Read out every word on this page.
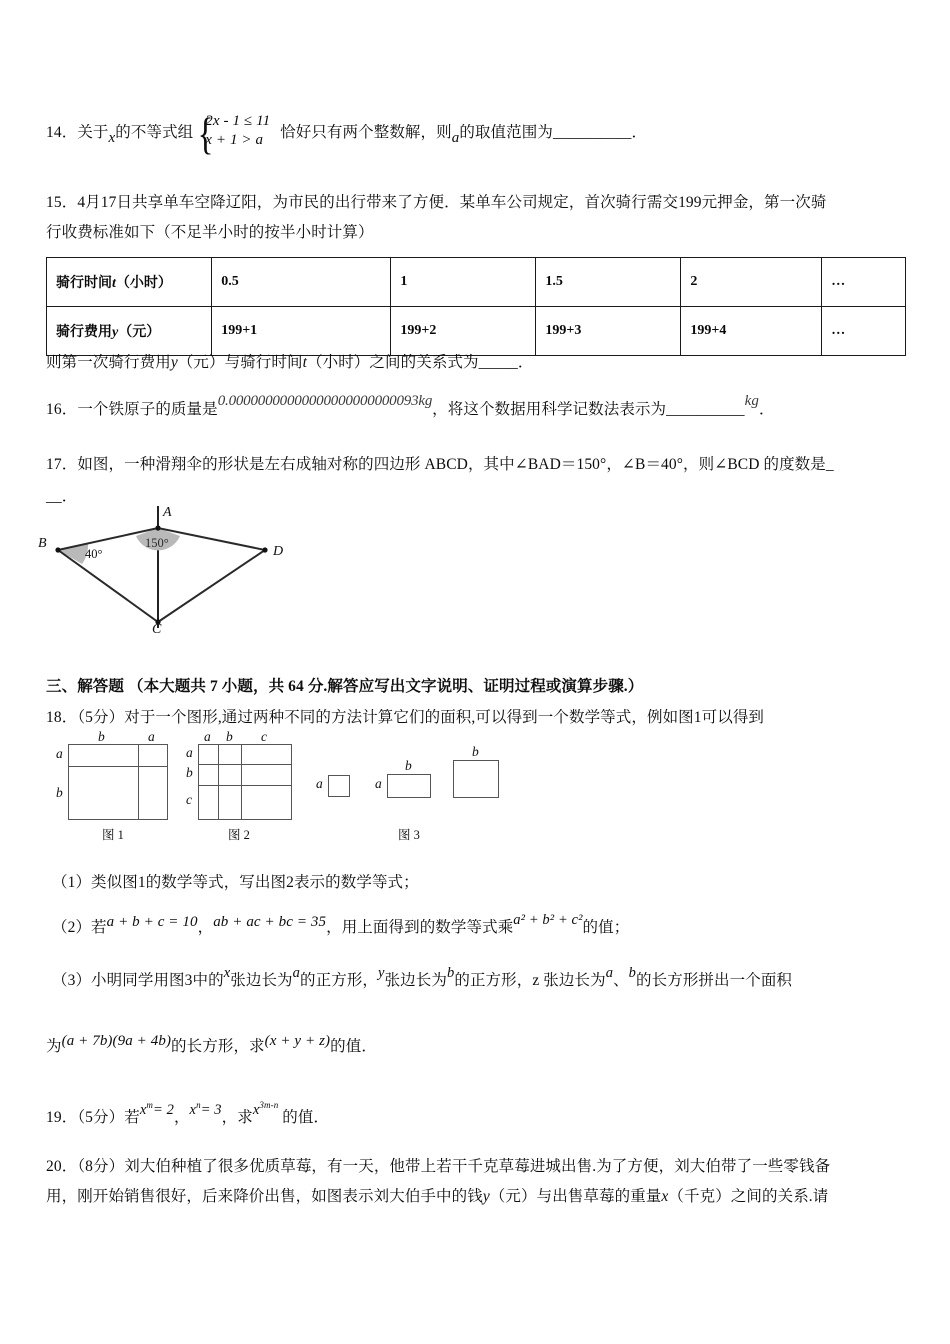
14．关于x的不等式组 {
2x - 1 ≤ 11
x + 1 > a	恰好只有两个整数解，则a的取值范围为__________．
15．4月17日共享单车空降辽阳，为市民的出行带来了方便．某单车公司规定，首次骑行需交199元押金，第一次骑
行收费标准如下（不足半小时的按半小时计算）
骑行时间t（小时）	0.5	1	1.5	2	…
骑行费用y（元）	199+1	199+2	199+3	199+4	…
则第一次骑行费用y（元）与骑行时间t（小时）之间的关系式为_____．
16．一个铁原子的质量是0.00000000000000000000000093kg，将这个数据用科学记数法表示为__________kg．
17．如图，一种滑翔伞的形状是左右成轴对称的四边形 ABCD，其中∠BAD＝150°，∠B＝40°，则∠BCD 的度数是_
__．
A
B
C
D
150°
40°
三、解答题 （本大题共 7 小题，共 64 分.解答应写出文字说明、证明过程或演算步骤.）
18．（5分）对于一个图形,通过两种不同的方法计算它们的面积,可以得到一个数学等式，例如图1可以得到
b	a
a
b
图 1
a b c
a
b
c
图 2
a	a
b
b
图 3
（1）类似图1的数学等式，写出图2表示的数学等式；
（2）若a + b + c = 10，ab + ac + bc = 35，用上面得到的数学等式乘a² + b² + c²的值；
（3）小明同学用图3中的x张边长为a的正方形，y张边长为b的正方形，z 张边长为a、b的长方形拼出一个面积
为(a + 7b)(9a + 4b)的长方形，求(x + y + z)的值．
19．（5分）若$x^m= 2$，$x^n= 3$，求$x^{3m-n}$ 的值．
20．（8分）刘大伯种植了很多优质草莓，有一天，他带上若干千克草莓进城出售.为了方便，刘大伯带了一些零钱备
用，刚开始销售很好，后来降价出售，如图表示刘大伯手中的钱y（元）与出售草莓的重量x（千克）之间的关系.请
